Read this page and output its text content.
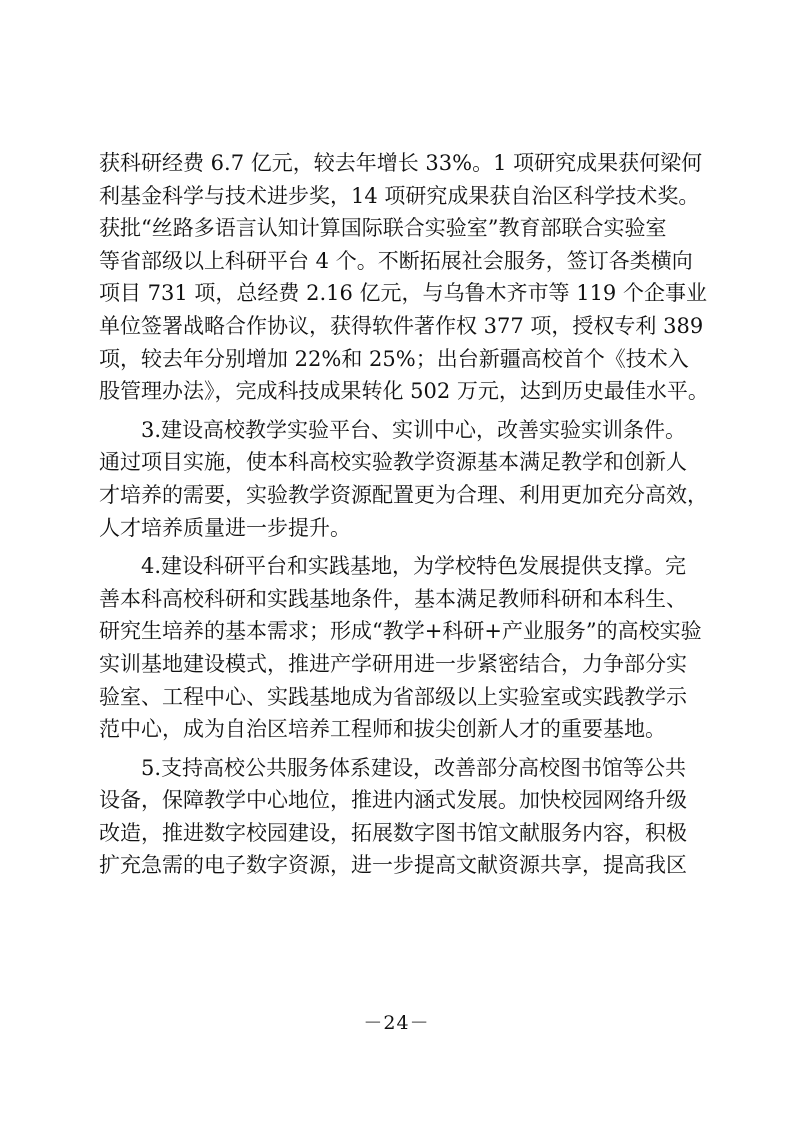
获科研经费 6.7 亿元，较去年增长 33%。1 项研究成果获何梁何
利基金科学与技术进步奖，14 项研究成果获自治区科学技术奖。
获批“丝路多语言认知计算国际联合实验室”教育部联合实验室
等省部级以上科研平台 4 个。不断拓展社会服务，签订各类横向
项目 731 项，总经费 2.16 亿元，与乌鲁木齐市等 119 个企事业
单位签署战略合作协议，获得软件著作权 377 项，授权专利 389
项，较去年分别增加 22%和 25%；出台新疆高校首个《技术入
股管理办法》，完成科技成果转化 502 万元，达到历史最佳水平。
3.建设高校教学实验平台、实训中心，改善实验实训条件。
通过项目实施，使本科高校实验教学资源基本满足教学和创新人
才培养的需要，实验教学资源配置更为合理、利用更加充分高效，
人才培养质量进一步提升。
4.建设科研平台和实践基地，为学校特色发展提供支撑。完
善本科高校科研和实践基地条件，基本满足教师科研和本科生、
研究生培养的基本需求；形成“教学+科研+产业服务”的高校实验
实训基地建设模式，推进产学研用进一步紧密结合，力争部分实
验室、工程中心、实践基地成为省部级以上实验室或实践教学示
范中心，成为自治区培养工程师和拔尖创新人才的重要基地。
5.支持高校公共服务体系建设，改善部分高校图书馆等公共
设备，保障教学中心地位，推进内涵式发展。加快校园网络升级
改造，推进数字校园建设，拓展数字图书馆文献服务内容，积极
扩充急需的电子数字资源，进一步提高文献资源共享，提高我区
－24－
